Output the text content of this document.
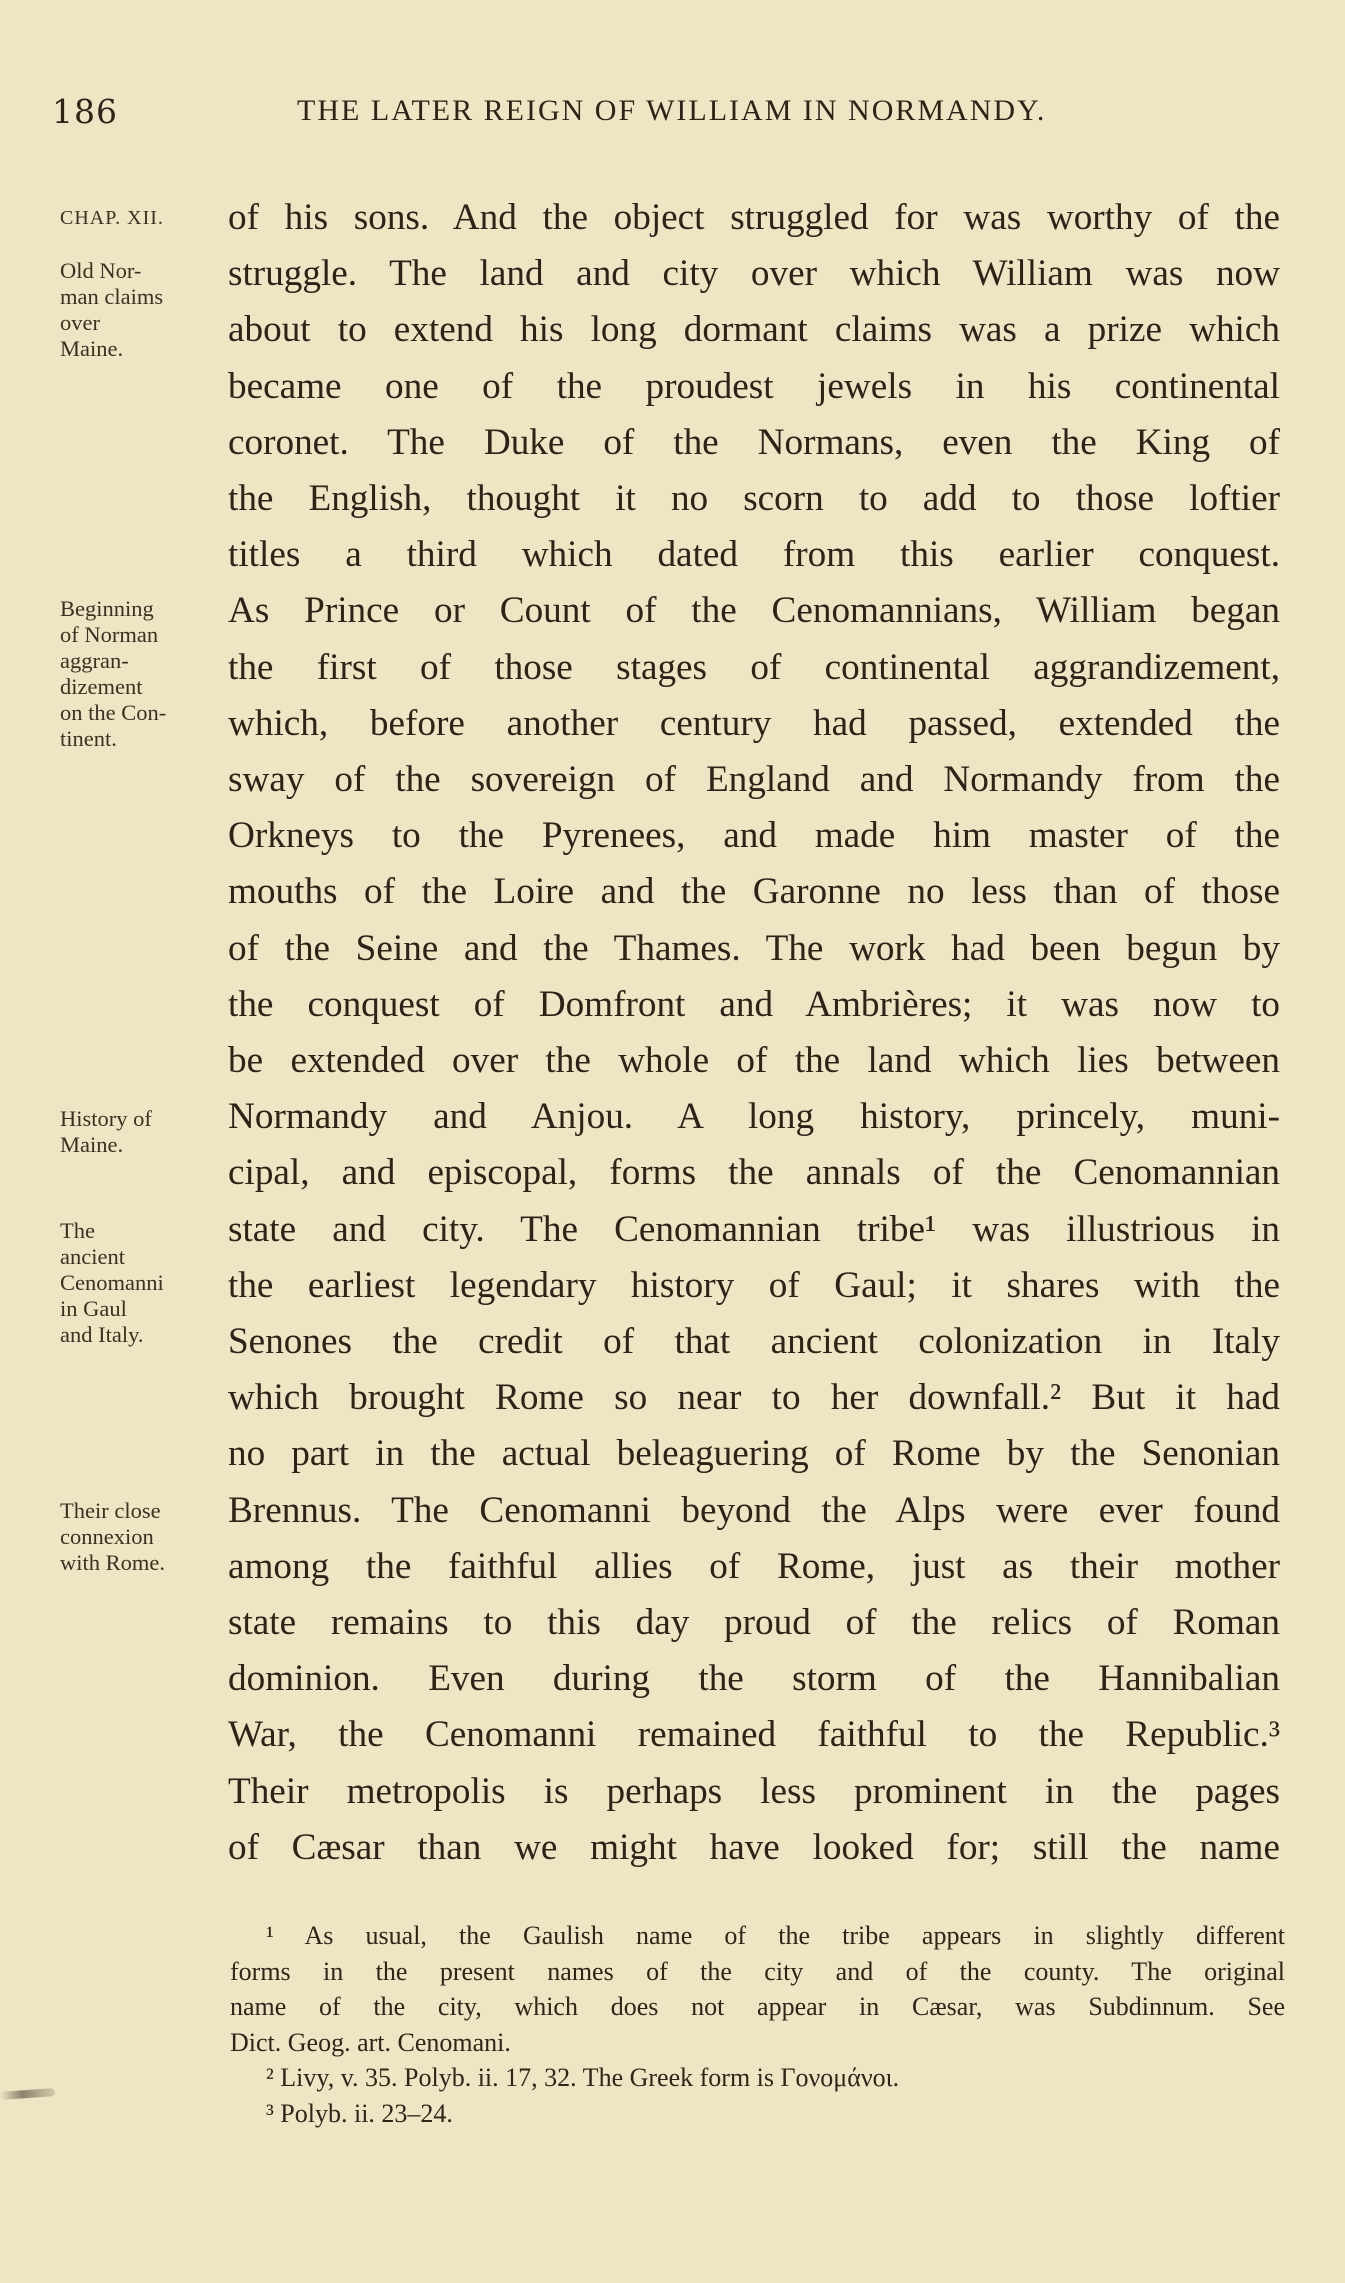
186	THE LATER REIGN OF WILLIAM IN NORMANDY.
CHAP. XII.
Old Nor-
man claims
over
Maine.
Beginning
of Norman
aggran-
dizement
on the Con-
tinent.
History of
Maine.
The
ancient
Cenomanni
in Gaul
and Italy.
Their close
connexion
with Rome.
of his sons. And the object struggled for was worthy of the
struggle. The land and city over which William was now
about to extend his long dormant claims was a prize which
became one of the proudest jewels in his continental
coronet. The Duke of the Normans, even the King of
the English, thought it no scorn to add to those loftier
titles a third which dated from this earlier conquest.
As Prince or Count of the Cenomannians, William began
the first of those stages of continental aggrandizement,
which, before another century had passed, extended the
sway of the sovereign of England and Normandy from the
Orkneys to the Pyrenees, and made him master of the
mouths of the Loire and the Garonne no less than of those
of the Seine and the Thames. The work had been begun by
the conquest of Domfront and Ambrières; it was now to
be extended over the whole of the land which lies between
Normandy and Anjou. A long history, princely, muni-
cipal, and episcopal, forms the annals of the Cenomannian
state and city. The Cenomannian tribe¹ was illustrious in
the earliest legendary history of Gaul; it shares with the
Senones the credit of that ancient colonization in Italy
which brought Rome so near to her downfall.² But it had
no part in the actual beleaguering of Rome by the Senonian
Brennus. The Cenomanni beyond the Alps were ever found
among the faithful allies of Rome, just as their mother
state remains to this day proud of the relics of Roman
dominion. Even during the storm of the Hannibalian
War, the Cenomanni remained faithful to the Republic.³
Their metropolis is perhaps less prominent in the pages
of Cæsar than we might have looked for; still the name
¹ As usual, the Gaulish name of the tribe appears in slightly different
forms in the present names of the city and of the county. The original
name of the city, which does not appear in Cæsar, was Subdinnum. See
Dict. Geog. art. Cenomani.
² Livy, v. 35. Polyb. ii. 17, 32. The Greek form is Γονομάνοι.
³ Polyb. ii. 23–24.
